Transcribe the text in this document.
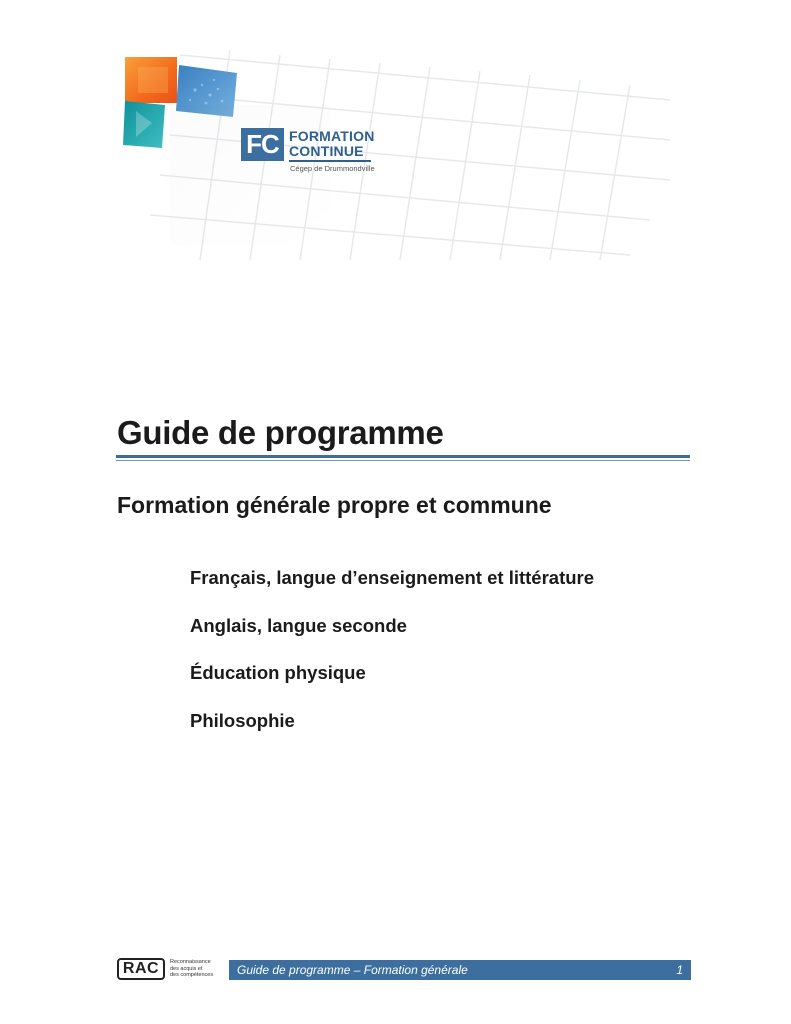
FC FORMATION
CONTINUE
Cégep de Drummondville
Guide de programme
Formation générale propre et commune
Français, langue d’enseignement et littérature
Anglais, langue seconde
Éducation physique
Philosophie
RAC	Reconnaissance
des acquis et
des compétences Guide de programme – Formation générale	1
